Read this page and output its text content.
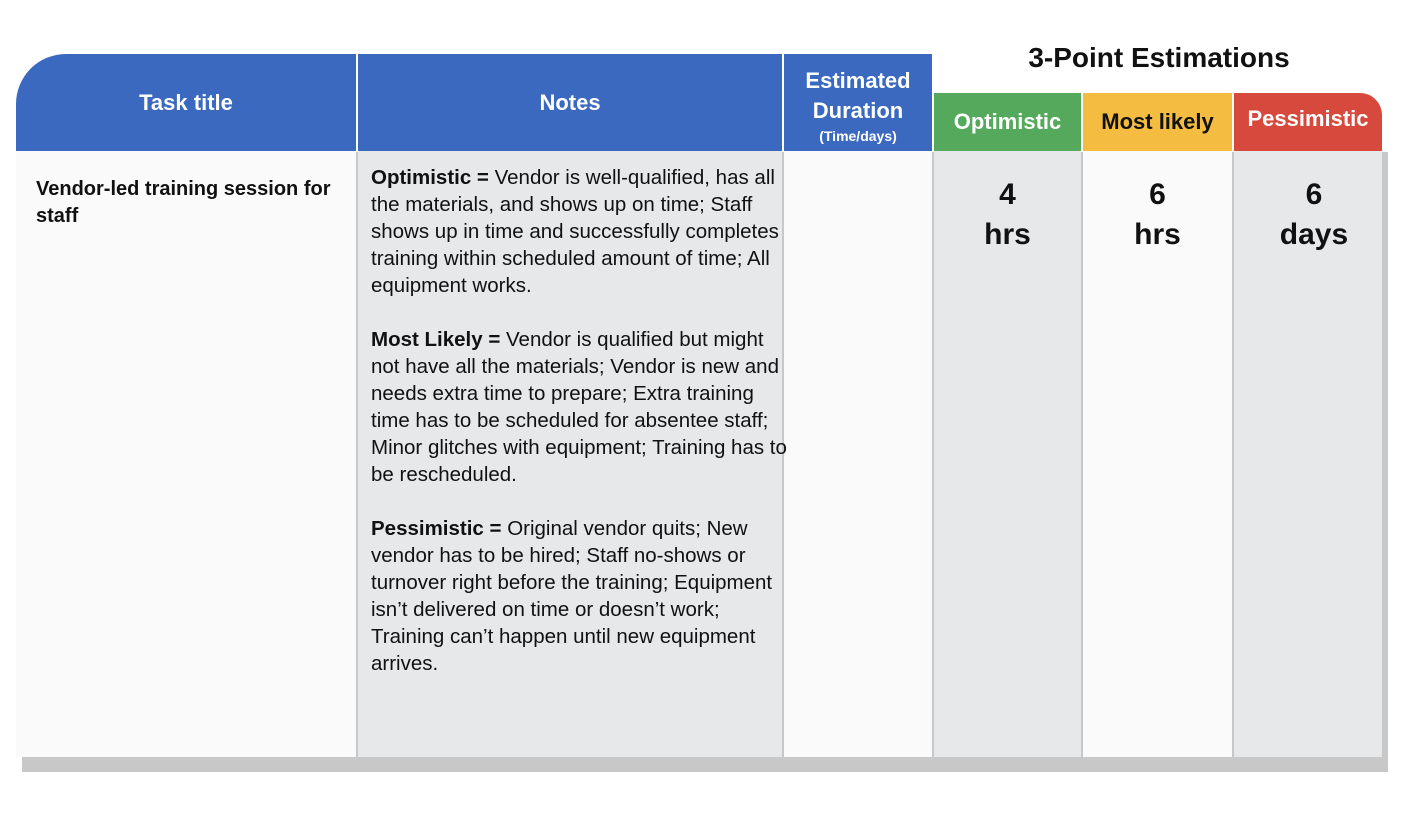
Task title	Notes
Estimated
Duration
(Time/days)
3-Point Estimations
Optimistic Most likely Pessimistic
Vendor-led training session for staff
Optimistic = Vendor is well-qualified, has all the materials, and shows up on time; Staff shows up in time and successfully completes training within scheduled amount of time; All equipment works.
Most Likely = Vendor is qualified but might not have all the materials; Vendor is new and needs extra time to prepare; Extra training time has to be scheduled for absentee staff; Minor glitches with equipment; Training has to be rescheduled.
Pessimistic = Original vendor quits; New vendor has to be hired; Staff no-shows or turnover right before the training; Equipment isn’t delivered on time or doesn’t work; Training can’t happen until new equipment arrives.
4
hrs
6
hrs
6
days
